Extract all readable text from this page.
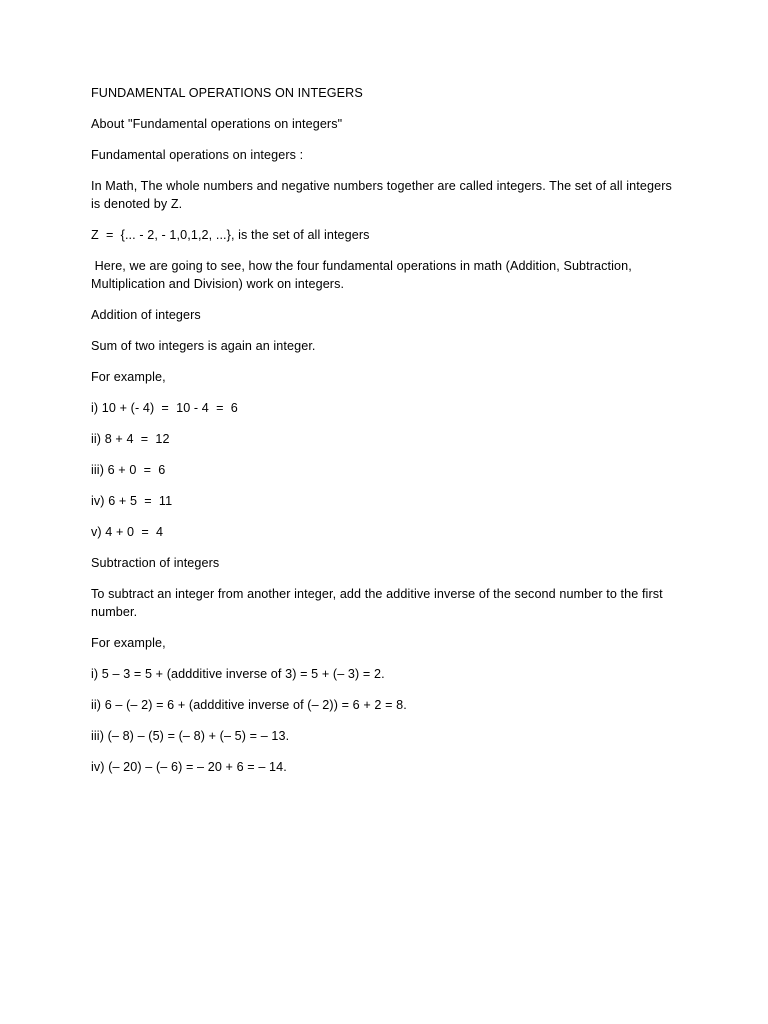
FUNDAMENTAL OPERATIONS ON INTEGERS

About "Fundamental operations on integers"

Fundamental operations on integers :

In Math, The whole numbers and negative numbers together are called integers. The set of all integers is denoted by Z.

Z  =  {... - 2, - 1,0,1,2, ...}, is the set of all integers

Here, we are going to see, how the four fundamental operations in math (Addition, Subtraction, Multiplication and Division) work on integers.

Addition of integers

Sum of two integers is again an integer.

For example,

i) 10 + (- 4)  =  10 - 4  =  6

ii) 8 + 4  =  12

iii) 6 + 0  =  6

iv) 6 + 5  =  11

v) 4 + 0  =  4

Subtraction of integers

To subtract an integer from another integer, add the additive inverse of the second number to the first number.

For example,

i) 5 – 3 = 5 + (addditive inverse of 3) = 5 + (– 3) = 2.

ii) 6 – (– 2) = 6 + (addditive inverse of (– 2)) = 6 + 2 = 8.

iii) (– 8) – (5) = (– 8) + (– 5) = – 13.

iv) (– 20) – (– 6) = – 20 + 6 = – 14.
